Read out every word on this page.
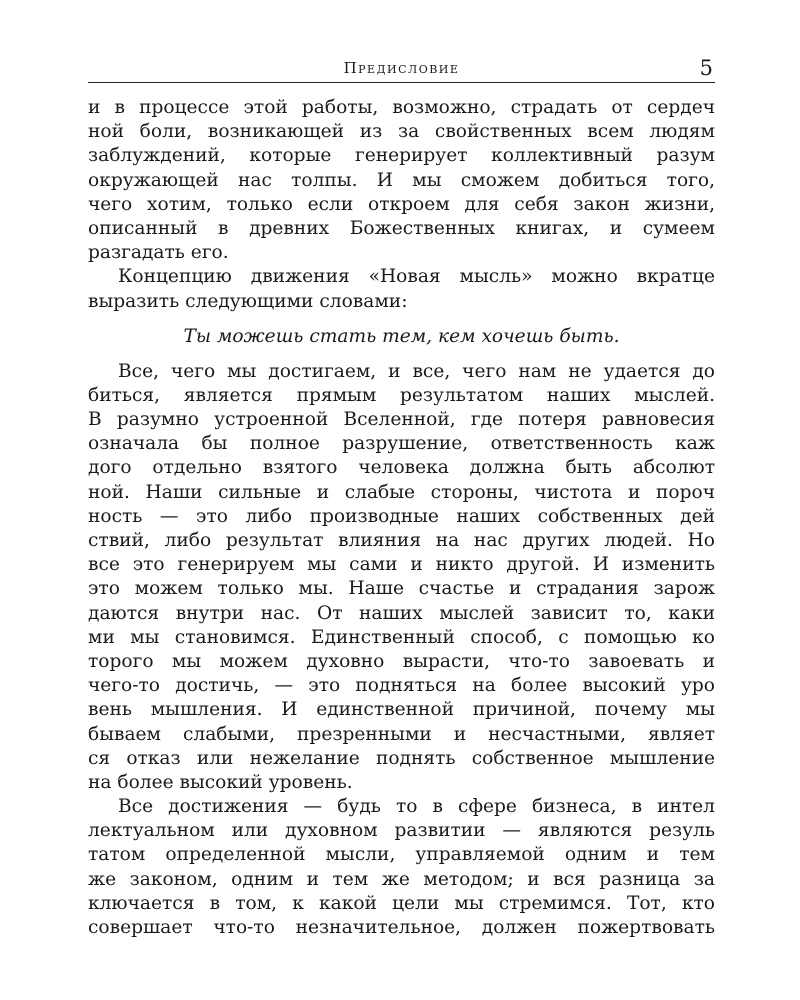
Предисловие	5
и в процессе этой работы, возможно, страдать от сердеч
ной боли, возникающей из за свойственных всем людям
заблуждений, которые генерирует коллективный разум
окружающей нас толпы. И мы сможем добиться того,
чего хотим, только если откроем для себя закон жизни,
описанный в древних Божественных книгах, и сумеем
разгадать его.
Концепцию движения «Новая мысль» можно вкратце
выразить следующими словами:
Ты можешь стать тем, кем хочешь быть.
Все, чего мы достигаем, и все, чего нам не удается до
биться, является прямым результатом наших мыслей.
В разумно устроенной Вселенной, где потеря равновесия
означала бы полное разрушение, ответственность каж
дого отдельно взятого человека должна быть абсолют
ной. Наши сильные и слабые стороны, чистота и пороч
ность — это либо производные наших собственных дей
ствий, либо результат влияния на нас других людей. Но
все это генерируем мы сами и никто другой. И изменить
это можем только мы. Наше счастье и страдания зарож
даются внутри нас. От наших мыслей зависит то, каки
ми мы становимся. Единственный способ, с помощью ко
торого мы можем духовно вырасти, что-то завоевать и
чего-то достичь, — это подняться на более высокий уро
вень мышления. И единственной причиной, почему мы
бываем слабыми, презренными и несчастными, являет
ся отказ или нежелание поднять собственное мышление
на более высокий уровень.
Все достижения — будь то в сфере бизнеса, в интел
лектуальном или духовном развитии — являются резуль
татом определенной мысли, управляемой одним и тем
же законом, одним и тем же методом; и вся разница за
ключается в том, к какой цели мы стремимся. Тот, кто
совершает что-то незначительное, должен пожертвовать
